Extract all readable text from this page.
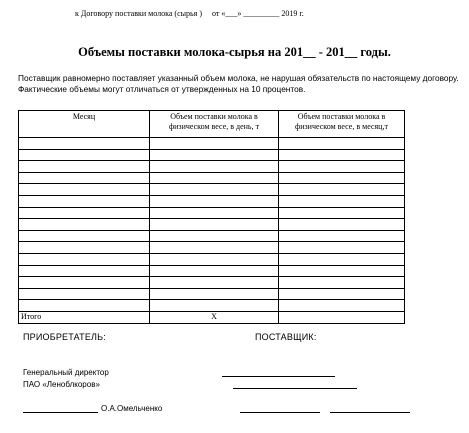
к Договору поставки молока (сырья ) от «___» _________ 2019 г.
Объемы поставки молока-сырья на 201__ - 201__ годы.
Поставщик равномерно поставляет указанный объем молока, не нарушая обязательств по настоящему договору. Фактические объемы могут отличаться от утвержденных на 10 процентов.
Месяц	Объем поставки молока в физическом весе, в день, т	Объем поставки молока в физическом весе, в месяц,т

Итого	X	
ПРИОБРЕТАТЕЛЬ:	ПОСТАВЩИК:
Генеральный директор
ПАО «Леноблкоров»
О.А.Омельченко
